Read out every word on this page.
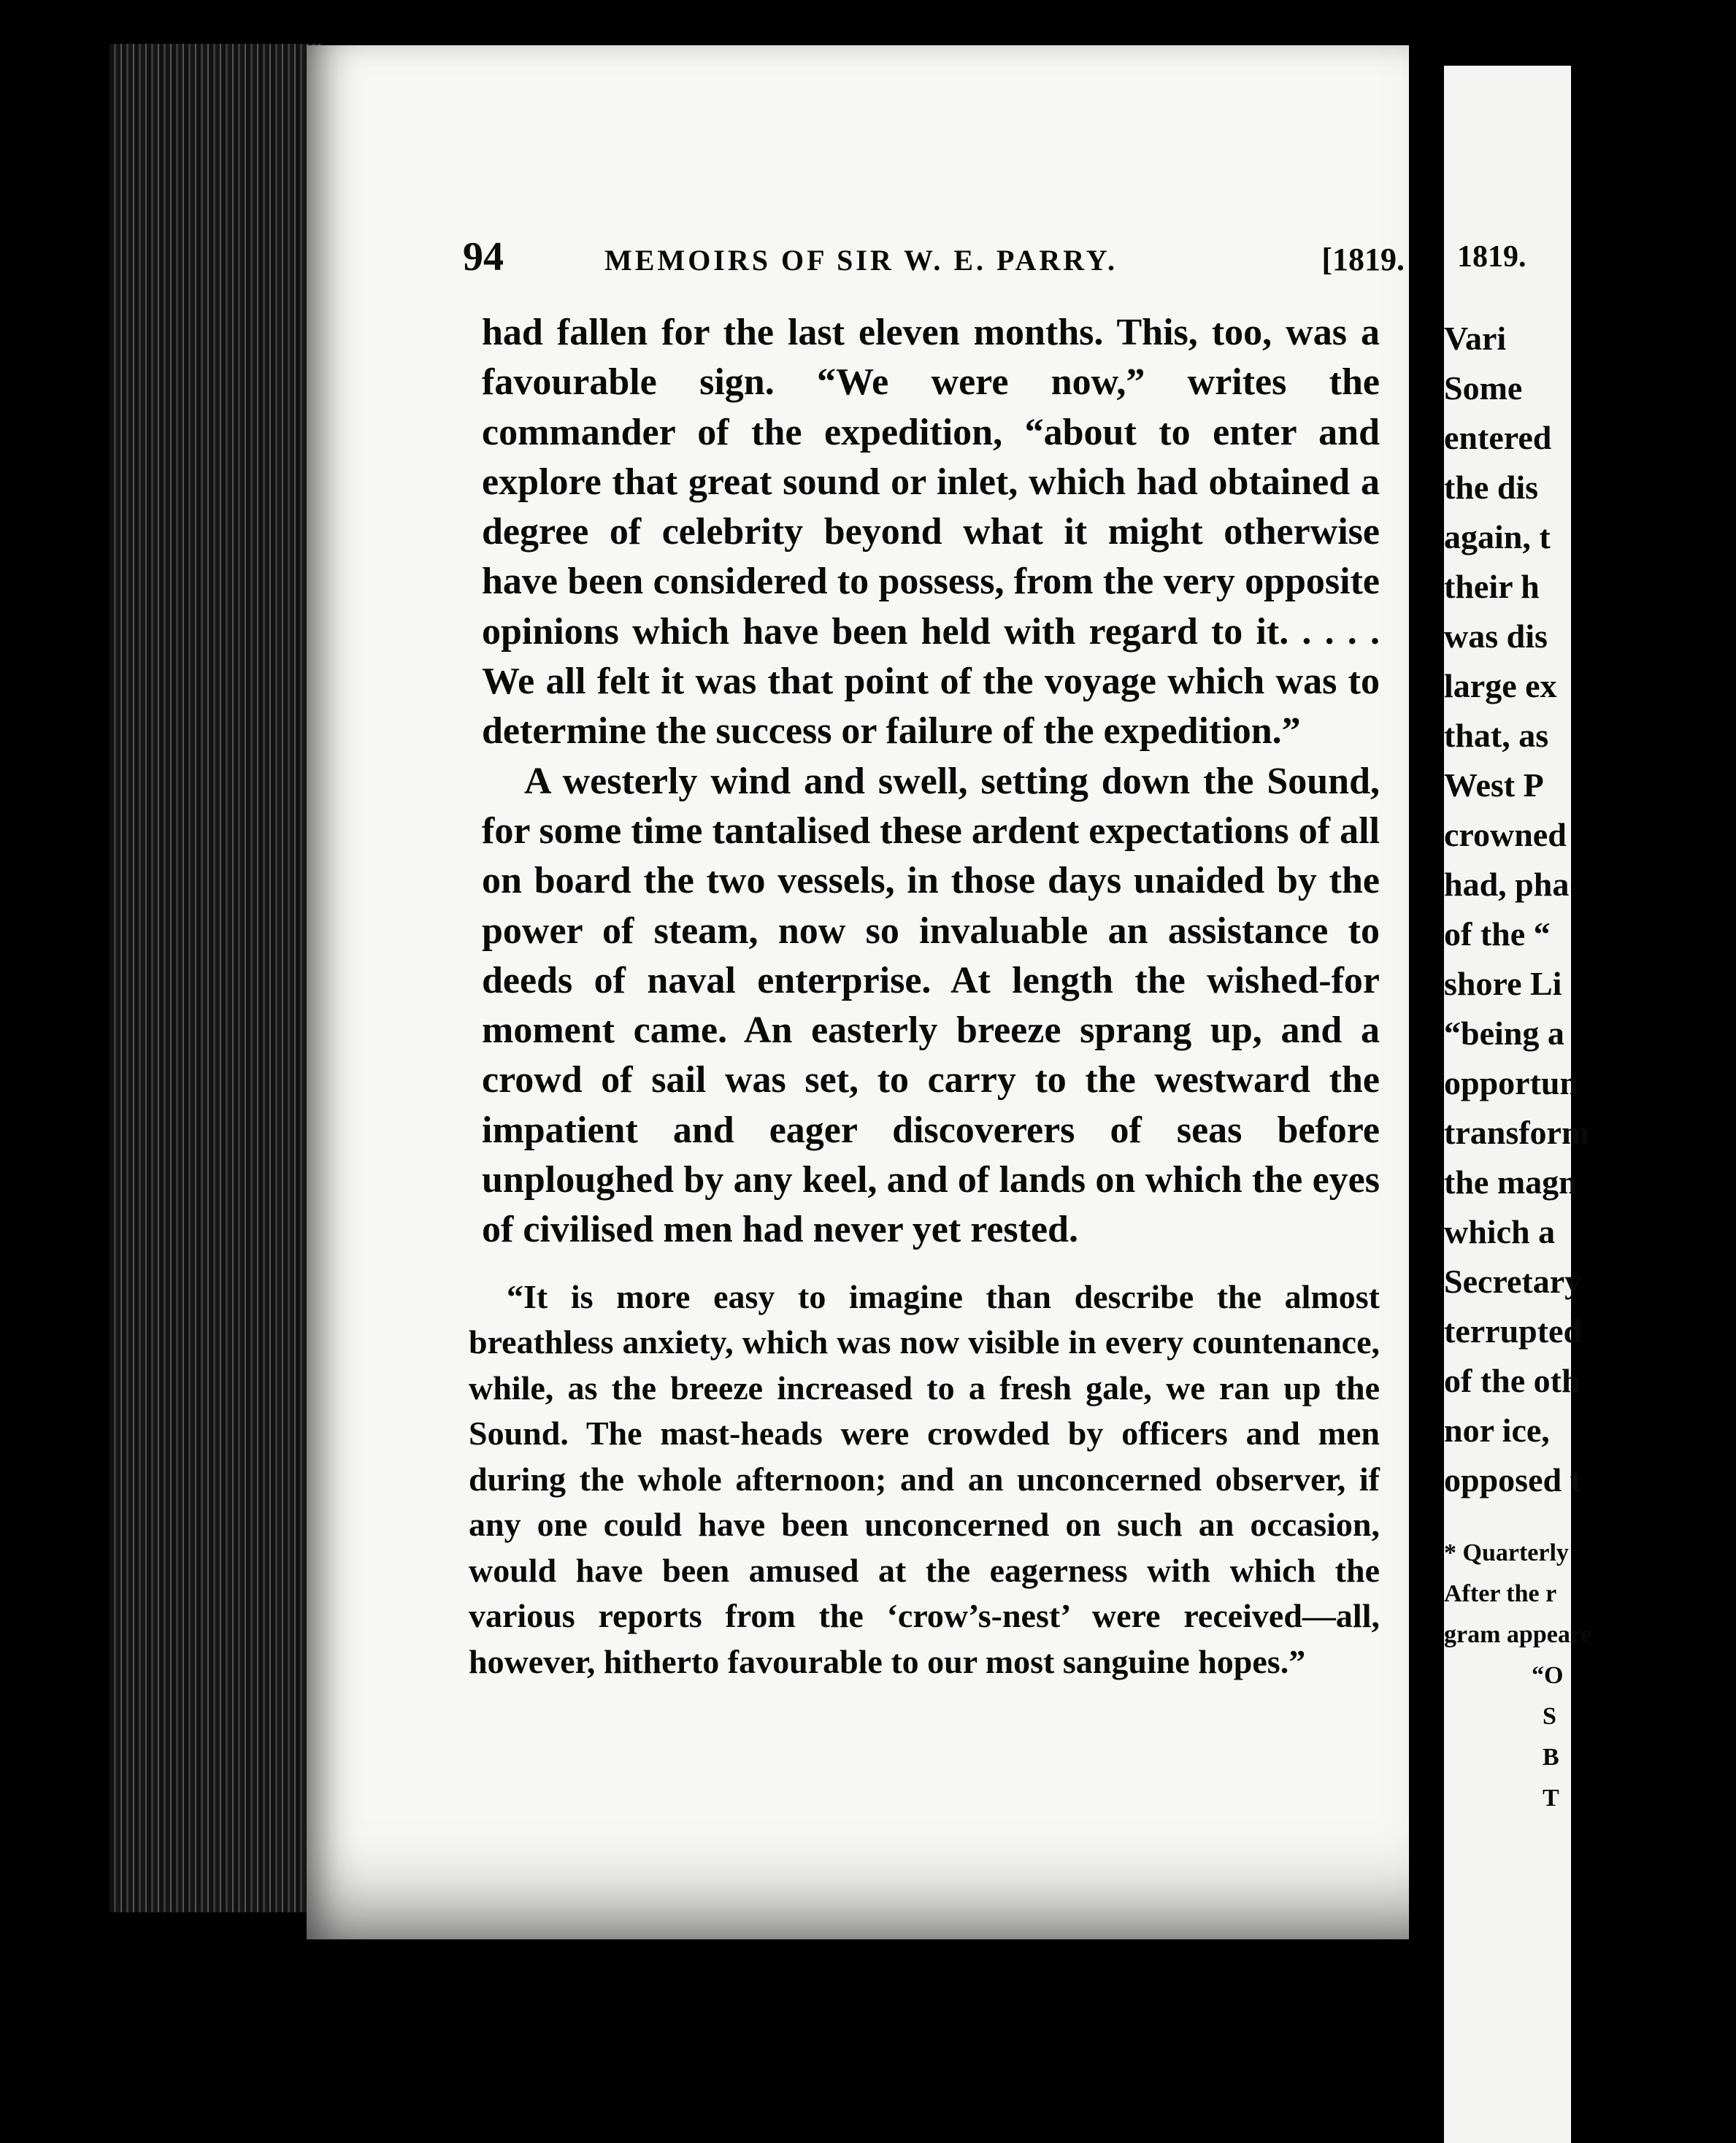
94	MEMOIRS OF SIR W. E. PARRY.	[1819.

had fallen for the last eleven months. This, too, was a favourable sign. “We were now,” writes the commander of the expedition, “about to enter and explore that great sound or inlet, which had obtained a degree of celebrity beyond what it might otherwise have been considered to possess, from the very opposite opinions which have been held with regard to it. . . . . We all felt it was that point of the voyage which was to determine the success or failure of the expedition.”

A westerly wind and swell, setting down the Sound, for some time tantalised these ardent expectations of all on board the two vessels, in those days unaided by the power of steam, now so invaluable an assistance to deeds of naval enterprise. At length the wished-for moment came. An easterly breeze sprang up, and a crowd of sail was set, to carry to the westward the impatient and eager discoverers of seas before unploughed by any keel, and of lands on which the eyes of civilised men had never yet rested.

“It is more easy to imagine than describe the almost breathless anxiety, which was now visible in every countenance, while, as the breeze increased to a fresh gale, we ran up the Sound. The mast-heads were crowded by officers and men during the whole afternoon; and an unconcerned observer, if any one could have been unconcerned on such an occasion, would have been amused at the eagerness with which the various reports from the ‘crow’s-nest’ were received—all, however, hitherto favourable to our most sanguine hopes.”

1819.
Vari
Some
entered
the dis
again, t
their h
was dis
large ex
that, as
West P
crowned
had, pha
of the “
shore Li
“being a
opportun
transform
the magn
which a
Secretary
terrupted
of the oth
nor ice,
opposed t
* Quarterly
After the r
gram appeare
“O
S
B
T
